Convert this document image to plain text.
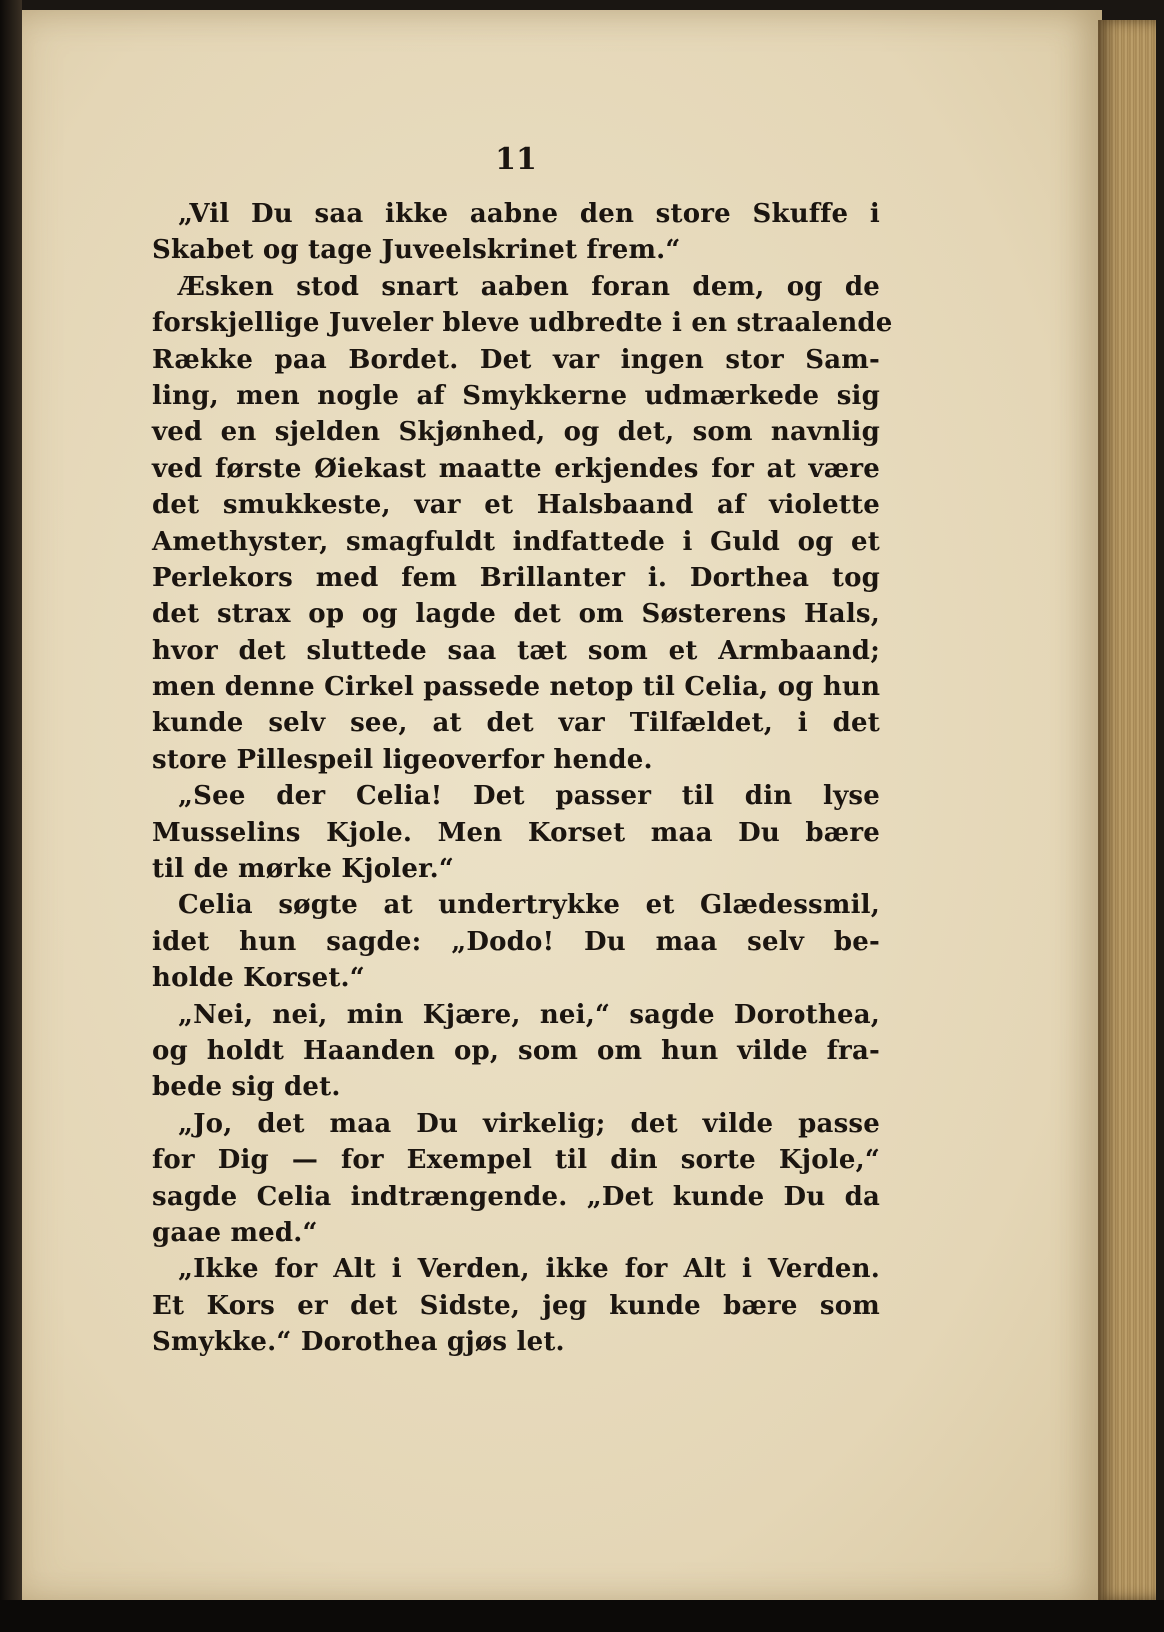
11
„Vil Du saa ikke aabne den store Skuffe i
Skabet og tage Juveelskrinet frem.“
Æsken stod snart aaben foran dem, og de
forskjellige Juveler bleve udbredte i en straalende
Række paa Bordet. Det var ingen stor Sam-
ling, men nogle af Smykkerne udmærkede sig
ved en sjelden Skjønhed, og det, som navnlig
ved første Øiekast maatte erkjendes for at være
det smukkeste, var et Halsbaand af violette
Amethyster, smagfuldt indfattede i Guld og et
Perlekors med fem Brillanter i. Dorthea tog
det strax op og lagde det om Søsterens Hals,
hvor det sluttede saa tæt som et Armbaand;
men denne Cirkel passede netop til Celia, og hun
kunde selv see, at det var Tilfældet, i det
store Pillespeil ligeoverfor hende.
„See der Celia! Det passer til din lyse
Musselins Kjole. Men Korset maa Du bære
til de mørke Kjoler.“
Celia søgte at undertrykke et Glædessmil,
idet hun sagde: „Dodo! Du maa selv be-
holde Korset.“
„Nei, nei, min Kjære, nei,“ sagde Dorothea,
og holdt Haanden op, som om hun vilde fra-
bede sig det.
„Jo, det maa Du virkelig; det vilde passe
for Dig — for Exempel til din sorte Kjole,“
sagde Celia indtrængende. „Det kunde Du da
gaae med.“
„Ikke for Alt i Verden, ikke for Alt i Verden.
Et Kors er det Sidste, jeg kunde bære som
Smykke.“ Dorothea gjøs let.
